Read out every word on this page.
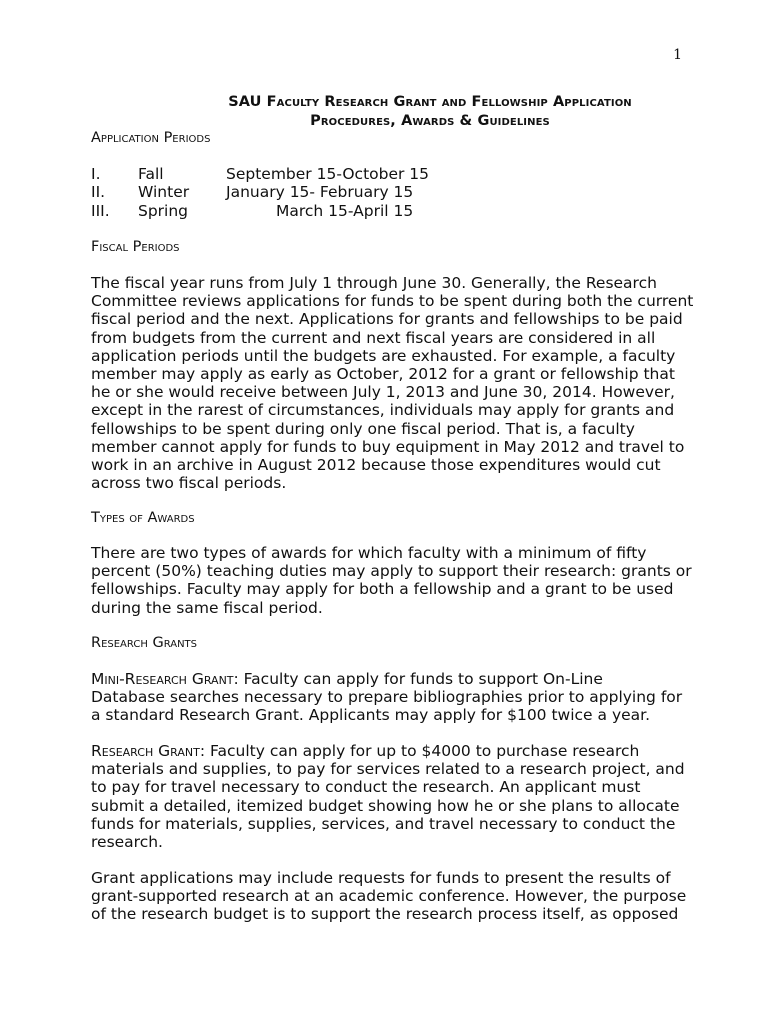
1
SAU Faculty Research Grant and Fellowship Application
Procedures, Awards & Guidelines
Application Periods
I. Fall	September 15-October 15
II. Winter January 15- February 15
III. Spring	March 15-April 15
Fiscal Periods

The fiscal year runs from July 1 through June 30. Generally, the Research
Committee reviews applications for funds to be spent during both the current
fiscal period and the next. Applications for grants and fellowships to be paid
from budgets from the current and next fiscal years are considered in all
application periods until the budgets are exhausted. For example, a faculty
member may apply as early as October, 2012 for a grant or fellowship that
he or she would receive between July 1, 2013 and June 30, 2014. However,
except in the rarest of circumstances, individuals may apply for grants and
fellowships to be spent during only one fiscal period. That is, a faculty
member cannot apply for funds to buy equipment in May 2012 and travel to
work in an archive in August 2012 because those expenditures would cut
across two fiscal periods.

Types of Awards

There are two types of awards for which faculty with a minimum of fifty
percent (50%) teaching duties may apply to support their research: grants or
fellowships. Faculty may apply for both a fellowship and a grant to be used
during the same fiscal period.

Research Grants

Mini-Research Grant: Faculty can apply for funds to support On-Line
Database searches necessary to prepare bibliographies prior to applying for
a standard Research Grant. Applicants may apply for $100 twice a year.

Research Grant: Faculty can apply for up to $4000 to purchase research
materials and supplies, to pay for services related to a research project, and
to pay for travel necessary to conduct the research. An applicant must
submit a detailed, itemized budget showing how he or she plans to allocate
funds for materials, supplies, services, and travel necessary to conduct the
research.

Grant applications may include requests for funds to present the results of
grant-supported research at an academic conference. However, the purpose
of the research budget is to support the research process itself, as opposed
